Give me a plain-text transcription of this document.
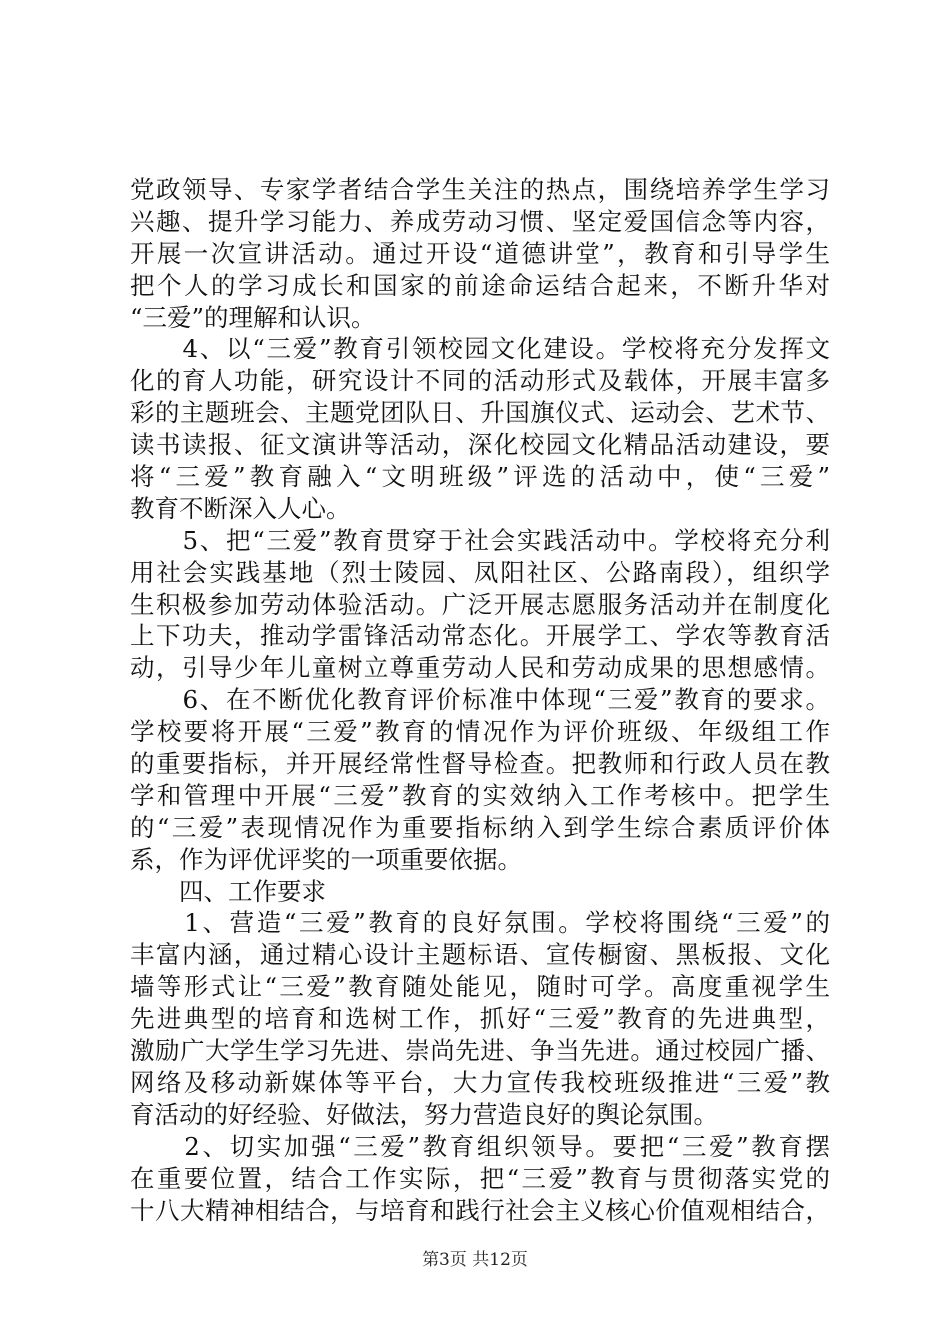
党政领导、专家学者结合学生关注的热点，围绕培养学生学习
兴趣、提升学习能力、养成劳动习惯、坚定爱国信念等内容，
开展一次宣讲活动。通过开设“道德讲堂”，教育和引导学生
把个人的学习成长和国家的前途命运结合起来，不断升华对
“三爱”的理解和认识。
　　4、以“三爱”教育引领校园文化建设。学校将充分发挥文
化的育人功能，研究设计不同的活动形式及载体，开展丰富多
彩的主题班会、主题党团队日、升国旗仪式、运动会、艺术节、
读书读报、征文演讲等活动，深化校园文化精品活动建设，要
将“三爱”教育融入“文明班级”评选的活动中，使“三爱”
教育不断深入人心。
　　5、把“三爱”教育贯穿于社会实践活动中。学校将充分利
用社会实践基地（烈士陵园、凤阳社区、公路南段），组织学
生积极参加劳动体验活动。广泛开展志愿服务活动并在制度化
上下功夫，推动学雷锋活动常态化。开展学工、学农等教育活
动，引导少年儿童树立尊重劳动人民和劳动成果的思想感情。
　　6、在不断优化教育评价标准中体现“三爱”教育的要求。
学校要将开展“三爱”教育的情况作为评价班级、年级组工作
的重要指标，并开展经常性督导检查。把教师和行政人员在教
学和管理中开展“三爱”教育的实效纳入工作考核中。把学生
的“三爱”表现情况作为重要指标纳入到学生综合素质评价体
系，作为评优评奖的一项重要依据。
　　四、工作要求
　　1、营造“三爱”教育的良好氛围。学校将围绕“三爱”的
丰富内涵，通过精心设计主题标语、宣传橱窗、黑板报、文化
墙等形式让“三爱”教育随处能见，随时可学。高度重视学生
先进典型的培育和选树工作，抓好“三爱”教育的先进典型，
激励广大学生学习先进、崇尚先进、争当先进。通过校园广播、
网络及移动新媒体等平台，大力宣传我校班级推进“三爱”教
育活动的好经验、好做法，努力营造良好的舆论氛围。
　　2、切实加强“三爱”教育组织领导。要把“三爱”教育摆
在重要位置，结合工作实际，把“三爱”教育与贯彻落实党的
十八大精神相结合，与培育和践行社会主义核心价值观相结合，
第3页 共12页
